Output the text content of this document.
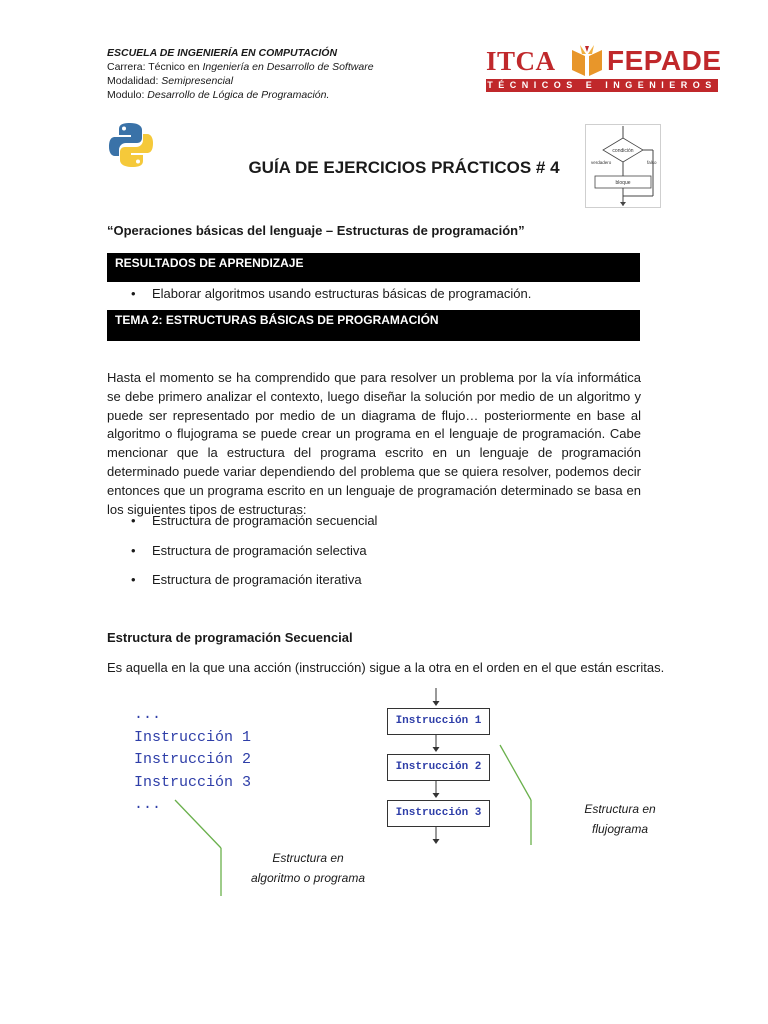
ESCUELA DE INGENIERÍA EN COMPUTACIÓN
Carrera: Técnico en Ingeniería en Desarrollo de Software
Modalidad: Semipresencial
Modulo: Desarrollo de Lógica de Programación.
ITCA FEPADE
TÉCNICOS E INGENIEROS
condición
verdadero	falso
bloque
GUÍA DE EJERCICIOS PRÁCTICOS # 4
“Operaciones básicas del lenguaje – Estructuras de programación”
RESULTADOS DE APRENDIZAJE
• Elaborar algoritmos usando estructuras básicas de programación.
TEMA 2: ESTRUCTURAS BÁSICAS DE PROGRAMACIÓN
Hasta el momento se ha comprendido que para resolver un problema por la vía informática se debe primero analizar el contexto, luego diseñar la solución por medio de un algoritmo y puede ser representado por medio de un diagrama de flujo… posteriormente en base al algoritmo o flujograma se puede crear un programa en el lenguaje de programación. Cabe mencionar que la estructura del programa escrito en un lenguaje de programación determinado puede variar dependiendo del problema que se quiera resolver, podemos decir entonces que un programa escrito en un lenguaje de programación determinado se basa en los siguientes tipos de estructuras:
• Estructura de programación secuencial
• Estructura de programación selectiva
• Estructura de programación iterativa
Estructura de programación Secuencial
Es aquella en la que una acción (instrucción) sigue a la otra en el orden en el que están escritas.
...
Instrucción 1
Instrucción 2
Instrucción 3
...
Instrucción 1
Instrucción 2
Instrucción 3	Estructura en
flujograma
Estructura en
algoritmo o programa
